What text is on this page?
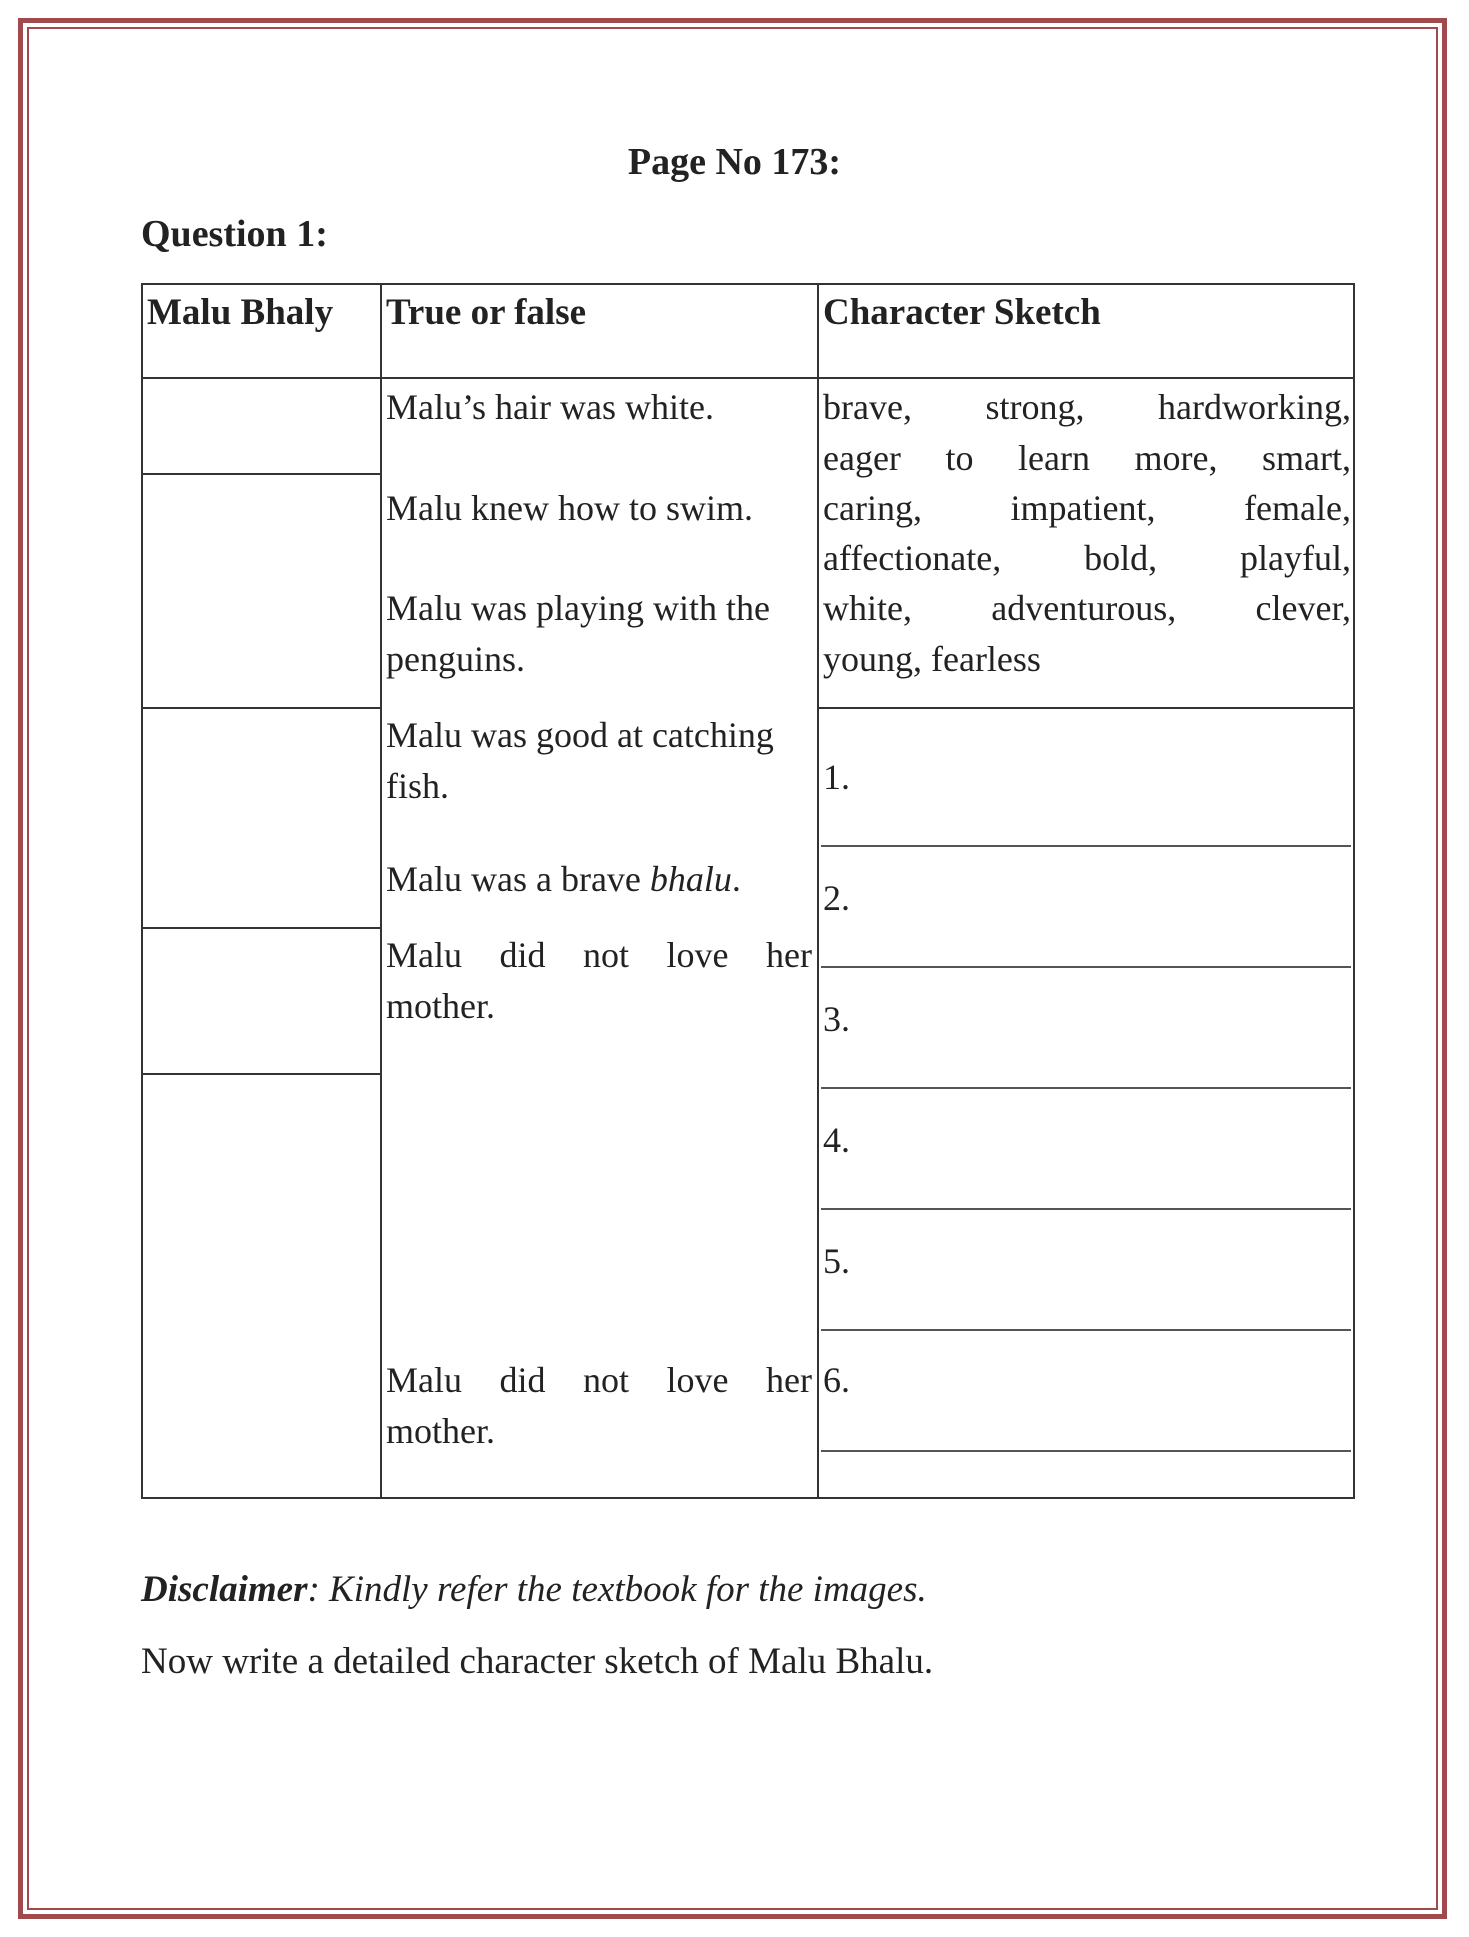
Page No 173:
Question 1:
Malu Bhaly True or false	Character Sketch
Malu’s hair was white.
Malu knew how to swim.
Malu was playing with the
penguins.
Malu was good at catching
fish.
Malu was a brave bhalu.
Malu did not love her
mother.
Malu did not love her
mother.
brave, strong, hardworking,
eager to learn more, smart,
caring, impatient, female,
affectionate, bold, playful,
white, adventurous, clever,
young, fearless
1.
2.
3.
4.
5.
6.
Disclaimer: Kindly refer the textbook for the images.
Now write a detailed character sketch of Malu Bhalu.
